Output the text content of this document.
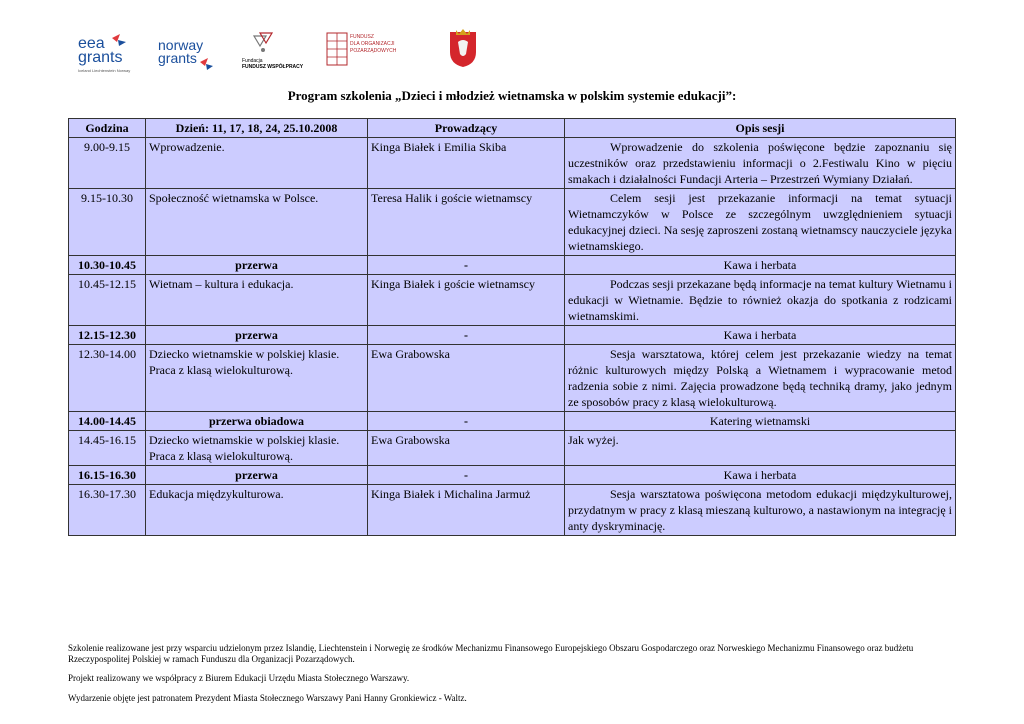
eea
grants
Iceland Liechtenstein Norway
norway
grants	Fundacja
FUNDUSZ WSPÓŁPRACY
FUNDUSZ
DLA ORGANIZACJI
POZARZĄDOWYCH
Program szkolenia „Dzieci i młodzież wietnamska w polskim systemie edukacji”:
Godzina	Dzień: 11, 17, 18, 24, 25.10.2008	Prowadzący	Opis sesji
9.00-9.15	Wprowadzenie.	Kinga Białek i Emilia Skiba	Wprowadzenie do szkolenia poświęcone będzie zapoznaniu się uczestników oraz przedstawieniu informacji o 2.Festiwalu Kino w pięciu smakach i działalności Fundacji Arteria – Przestrzeń Wymiany Działań.
9.15-10.30	Społeczność wietnamska w Polsce.	Teresa Halik i goście wietnamscy	Celem sesji jest przekazanie informacji na temat sytuacji Wietnamczyków w Polsce ze szczególnym uwzględnieniem sytuacji edukacyjnej dzieci. Na sesję zaproszeni zostaną wietnamscy nauczyciele języka wietnamskiego.
10.30-10.45	przerwa	-	Kawa i herbata
10.45-12.15	Wietnam – kultura i edukacja.	Kinga Białek i goście wietnamscy	Podczas sesji przekazane będą informacje na temat kultury Wietnamu i edukacji w Wietnamie. Będzie to również okazja do spotkania z rodzicami wietnamskimi.
12.15-12.30	przerwa	-	Kawa i herbata
12.30-14.00	Dziecko wietnamskie w polskiej klasie. Praca z klasą wielokulturową.	Ewa Grabowska	Sesja warsztatowa, której celem jest przekazanie wiedzy na temat różnic kulturowych między Polską a Wietnamem i wypracowanie metod radzenia sobie z nimi. Zajęcia prowadzone będą techniką dramy, jako jednym ze sposobów pracy z klasą wielokulturową.
14.00-14.45	przerwa obiadowa	-	Katering wietnamski
14.45-16.15	Dziecko wietnamskie w polskiej klasie. Praca z klasą wielokulturową.	Ewa Grabowska	Jak wyżej.
16.15-16.30	przerwa	-	Kawa i herbata
16.30-17.30	Edukacja międzykulturowa.	Kinga Białek i Michalina Jarmuż	Sesja warsztatowa poświęcona metodom edukacji międzykulturowej, przydatnym w pracy z klasą mieszaną kulturowo, a nastawionym na integrację i anty dyskryminację.
Szkolenie realizowane jest przy wsparciu udzielonym przez Islandię, Liechtenstein i Norwegię ze środków Mechanizmu Finansowego Europejskiego Obszaru Gospodarczego oraz Norweskiego Mechanizmu Finansowego oraz budżetu Rzeczypospolitej Polskiej w ramach Funduszu dla Organizacji Pozarządowych.
Projekt realizowany we współpracy z Biurem Edukacji Urzędu Miasta Stołecznego Warszawy.
Wydarzenie objęte jest patronatem Prezydent Miasta Stołecznego Warszawy Pani Hanny Gronkiewicz - Waltz.
